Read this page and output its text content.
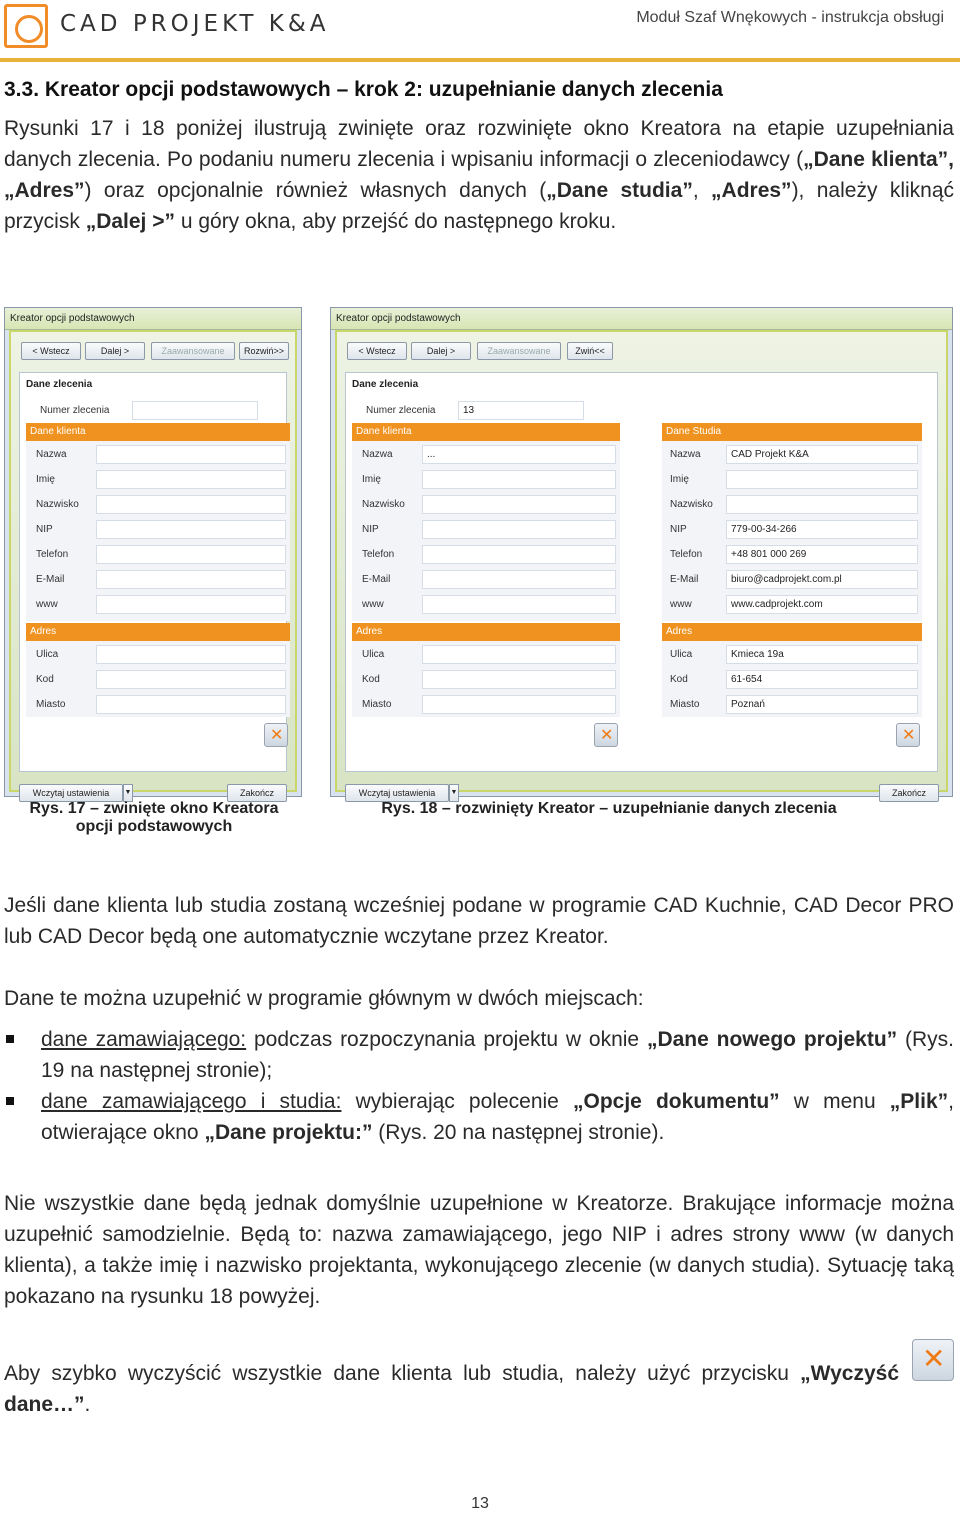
CAD PROJEKT K&A	Moduł Szaf Wnękowych - instrukcja obsługi
3.3. Kreator opcji podstawowych – krok 2: uzupełnianie danych zlecenia
Rysunki 17 i 18 poniżej ilustrują zwinięte oraz rozwinięte okno Kreatora na etapie uzupełniania danych zlecenia. Po podaniu numeru zlecenia i wpisaniu informacji o zleceniodawcy („Dane klienta”, „Adres”) oraz opcjonalnie również własnych danych („Dane studia”, „Adres”), należy kliknąć przycisk „Dalej >” u góry okna, aby przejść do następnego kroku.
Kreator opcji podstawowych
< Wstecz	Dalej >	Zaawansowane	Rozwiń>>
Dane zlecenia
Numer zlecenia
Dane klienta
Nazwa
Imię
Nazwisko
NIP
Telefon
E-Mail
www
Adres
Ulica
Kod
Miasto
✕
Wczytaj ustawienia	▼	Zakończ
Kreator opcji podstawowych
< Wstecz	Dalej >	Zaawansowane	Zwiń<<
Dane zlecenia
Numer zlecenia	13
Dane klienta
Nazwa	...
Imię
Nazwisko
NIP
Telefon
E-Mail
www
Adres
Ulica
Kod
Miasto
✕
Dane Studia
Nazwa	CAD Projekt K&A
Imię
Nazwisko
NIP	779-00-34-266
Telefon	+48 801 000 269
E-Mail	biuro@cadprojekt.com.pl
www	www.cadprojekt.com
Adres
Ulica	Kmieca 19a
Kod	61-654
Miasto	Poznań
✕
Wczytaj ustawienia	▼	Zakończ
Rys. 17 – zwinięte okno Kreatora opcji podstawowych
Rys. 18 – rozwinięty Kreator – uzupełnianie danych zlecenia
Jeśli dane klienta lub studia zostaną wcześniej podane w programie CAD Kuchnie, CAD Decor PRO lub CAD Decor będą one automatycznie wczytane przez Kreator.
Dane te można uzupełnić w programie głównym w dwóch miejscach:
dane zamawiającego: podczas rozpoczynania projektu w oknie „Dane nowego projektu” (Rys. 19 na następnej stronie);
dane zamawiającego i studia: wybierając polecenie „Opcje dokumentu” w menu „Plik”, otwierające okno „Dane projektu:” (Rys. 20 na następnej stronie).
Nie wszystkie dane będą jednak domyślnie uzupełnione w Kreatorze. Brakujące informacje można uzupełnić samodzielnie. Będą to: nazwa zamawiającego, jego NIP i adres strony www (w danych klienta), a także imię i nazwisko projektanta, wykonującego zlecenie (w danych studia). Sytuację taką pokazano na rysunku 18 powyżej.
Aby szybko wyczyścić wszystkie dane klienta lub studia, należy użyć przycisku „Wyczyść dane…”.
✕
13
